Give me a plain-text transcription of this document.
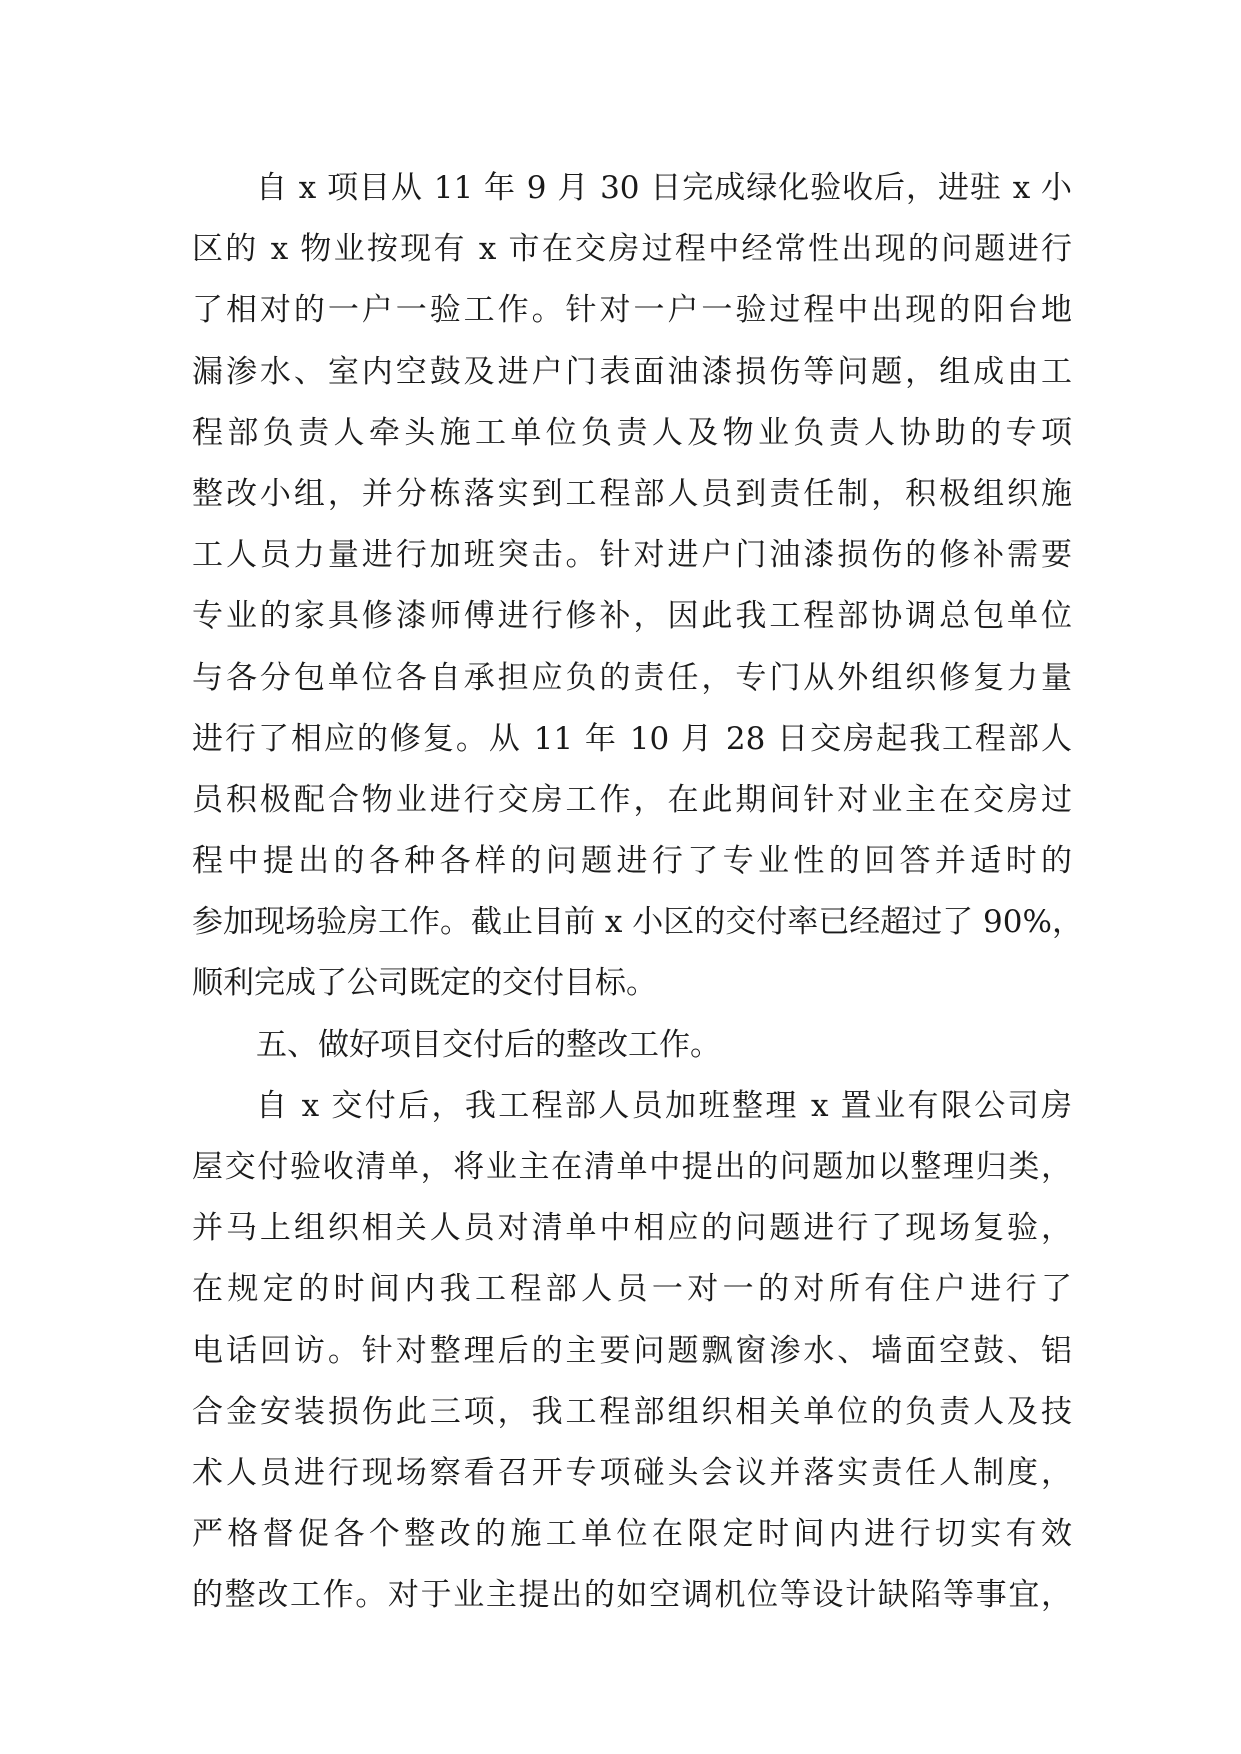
自 x 项目从 11 年 9 月 30 日完成绿化验收后，进驻 x 小
区的 x 物业按现有 x 市在交房过程中经常性出现的问题进行
了相对的一户一验工作。针对一户一验过程中出现的阳台地
漏渗水、室内空鼓及进户门表面油漆损伤等问题，组成由工
程部负责人牵头施工单位负责人及物业负责人协助的专项
整改小组，并分栋落实到工程部人员到责任制，积极组织施
工人员力量进行加班突击。针对进户门油漆损伤的修补需要
专业的家具修漆师傅进行修补，因此我工程部协调总包单位
与各分包单位各自承担应负的责任，专门从外组织修复力量
进行了相应的修复。从 11 年 10 月 28 日交房起我工程部人
员积极配合物业进行交房工作，在此期间针对业主在交房过
程中提出的各种各样的问题进行了专业性的回答并适时的
参加现场验房工作。截止目前 x 小区的交付率已经超过了 90%，
顺利完成了公司既定的交付目标。
五、做好项目交付后的整改工作。
自 x 交付后，我工程部人员加班整理 x 置业有限公司房
屋交付验收清单，将业主在清单中提出的问题加以整理归类，
并马上组织相关人员对清单中相应的问题进行了现场复验，
在规定的时间内我工程部人员一对一的对所有住户进行了
电话回访。针对整理后的主要问题飘窗渗水、墙面空鼓、铝
合金安装损伤此三项，我工程部组织相关单位的负责人及技
术人员进行现场察看召开专项碰头会议并落实责任人制度，
严格督促各个整改的施工单位在限定时间内进行切实有效
的整改工作。对于业主提出的如空调机位等设计缺陷等事宜，
